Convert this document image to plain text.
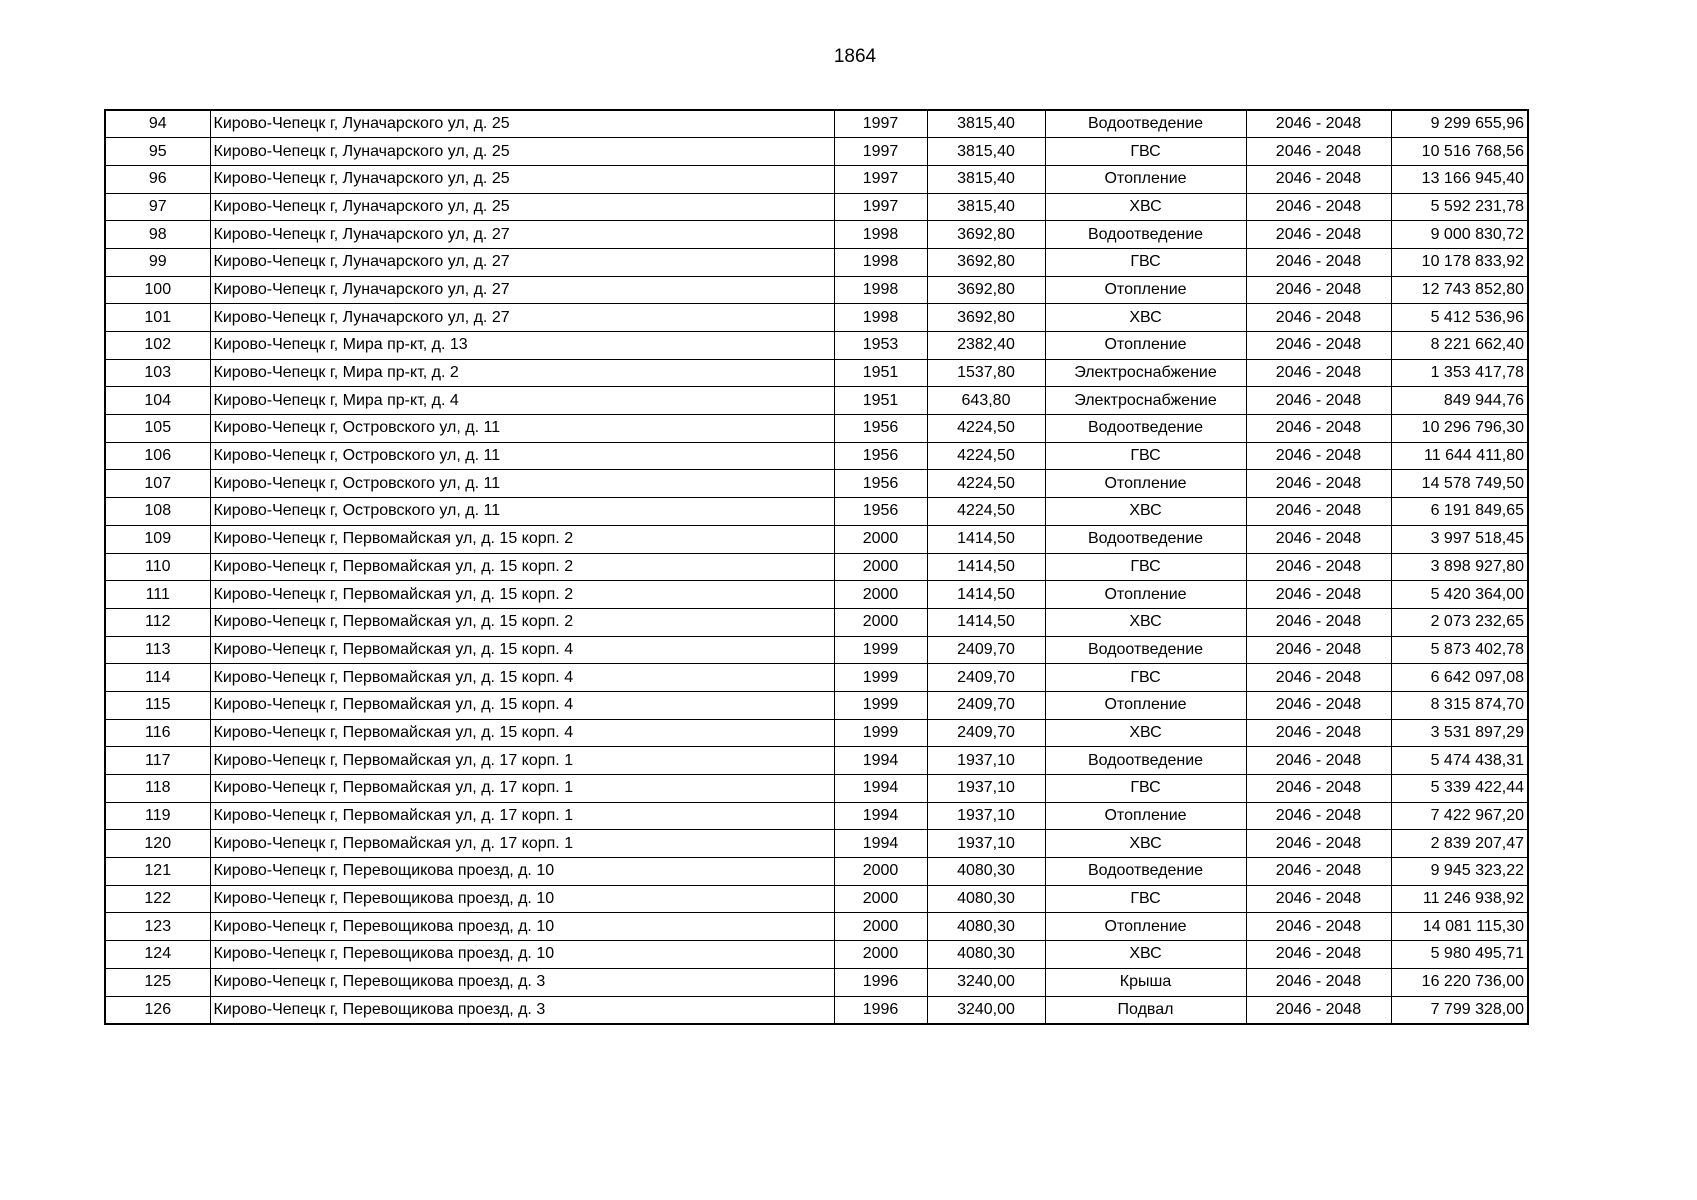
1864
94	Кирово-Чепецк г, Луначарского ул, д. 25	1997	3815,40	Водоотведение	2046 - 2048	9 299 655,96
95	Кирово-Чепецк г, Луначарского ул, д. 25	1997	3815,40	ГВС	2046 - 2048	10 516 768,56
96	Кирово-Чепецк г, Луначарского ул, д. 25	1997	3815,40	Отопление	2046 - 2048	13 166 945,40
97	Кирово-Чепецк г, Луначарского ул, д. 25	1997	3815,40	ХВС	2046 - 2048	5 592 231,78
98	Кирово-Чепецк г, Луначарского ул, д. 27	1998	3692,80	Водоотведение	2046 - 2048	9 000 830,72
99	Кирово-Чепецк г, Луначарского ул, д. 27	1998	3692,80	ГВС	2046 - 2048	10 178 833,92
100	Кирово-Чепецк г, Луначарского ул, д. 27	1998	3692,80	Отопление	2046 - 2048	12 743 852,80
101	Кирово-Чепецк г, Луначарского ул, д. 27	1998	3692,80	ХВС	2046 - 2048	5 412 536,96
102	Кирово-Чепецк г, Мира пр-кт, д. 13	1953	2382,40	Отопление	2046 - 2048	8 221 662,40
103	Кирово-Чепецк г, Мира пр-кт, д. 2	1951	1537,80	Электроснабжение	2046 - 2048	1 353 417,78
104	Кирово-Чепецк г, Мира пр-кт, д. 4	1951	643,80	Электроснабжение	2046 - 2048	849 944,76
105	Кирово-Чепецк г, Островского ул, д. 11	1956	4224,50	Водоотведение	2046 - 2048	10 296 796,30
106	Кирово-Чепецк г, Островского ул, д. 11	1956	4224,50	ГВС	2046 - 2048	11 644 411,80
107	Кирово-Чепецк г, Островского ул, д. 11	1956	4224,50	Отопление	2046 - 2048	14 578 749,50
108	Кирово-Чепецк г, Островского ул, д. 11	1956	4224,50	ХВС	2046 - 2048	6 191 849,65
109	Кирово-Чепецк г, Первомайская ул, д. 15 корп. 2	2000	1414,50	Водоотведение	2046 - 2048	3 997 518,45
110	Кирово-Чепецк г, Первомайская ул, д. 15 корп. 2	2000	1414,50	ГВС	2046 - 2048	3 898 927,80
111	Кирово-Чепецк г, Первомайская ул, д. 15 корп. 2	2000	1414,50	Отопление	2046 - 2048	5 420 364,00
112	Кирово-Чепецк г, Первомайская ул, д. 15 корп. 2	2000	1414,50	ХВС	2046 - 2048	2 073 232,65
113	Кирово-Чепецк г, Первомайская ул, д. 15 корп. 4	1999	2409,70	Водоотведение	2046 - 2048	5 873 402,78
114	Кирово-Чепецк г, Первомайская ул, д. 15 корп. 4	1999	2409,70	ГВС	2046 - 2048	6 642 097,08
115	Кирово-Чепецк г, Первомайская ул, д. 15 корп. 4	1999	2409,70	Отопление	2046 - 2048	8 315 874,70
116	Кирово-Чепецк г, Первомайская ул, д. 15 корп. 4	1999	2409,70	ХВС	2046 - 2048	3 531 897,29
117	Кирово-Чепецк г, Первомайская ул, д. 17 корп. 1	1994	1937,10	Водоотведение	2046 - 2048	5 474 438,31
118	Кирово-Чепецк г, Первомайская ул, д. 17 корп. 1	1994	1937,10	ГВС	2046 - 2048	5 339 422,44
119	Кирово-Чепецк г, Первомайская ул, д. 17 корп. 1	1994	1937,10	Отопление	2046 - 2048	7 422 967,20
120	Кирово-Чепецк г, Первомайская ул, д. 17 корп. 1	1994	1937,10	ХВС	2046 - 2048	2 839 207,47
121	Кирово-Чепецк г, Перевощикова проезд, д. 10	2000	4080,30	Водоотведение	2046 - 2048	9 945 323,22
122	Кирово-Чепецк г, Перевощикова проезд, д. 10	2000	4080,30	ГВС	2046 - 2048	11 246 938,92
123	Кирово-Чепецк г, Перевощикова проезд, д. 10	2000	4080,30	Отопление	2046 - 2048	14 081 115,30
124	Кирово-Чепецк г, Перевощикова проезд, д. 10	2000	4080,30	ХВС	2046 - 2048	5 980 495,71
125	Кирово-Чепецк г, Перевощикова проезд, д. 3	1996	3240,00	Крыша	2046 - 2048	16 220 736,00
126	Кирово-Чепецк г, Перевощикова проезд, д. 3	1996	3240,00	Подвал	2046 - 2048	7 799 328,00
